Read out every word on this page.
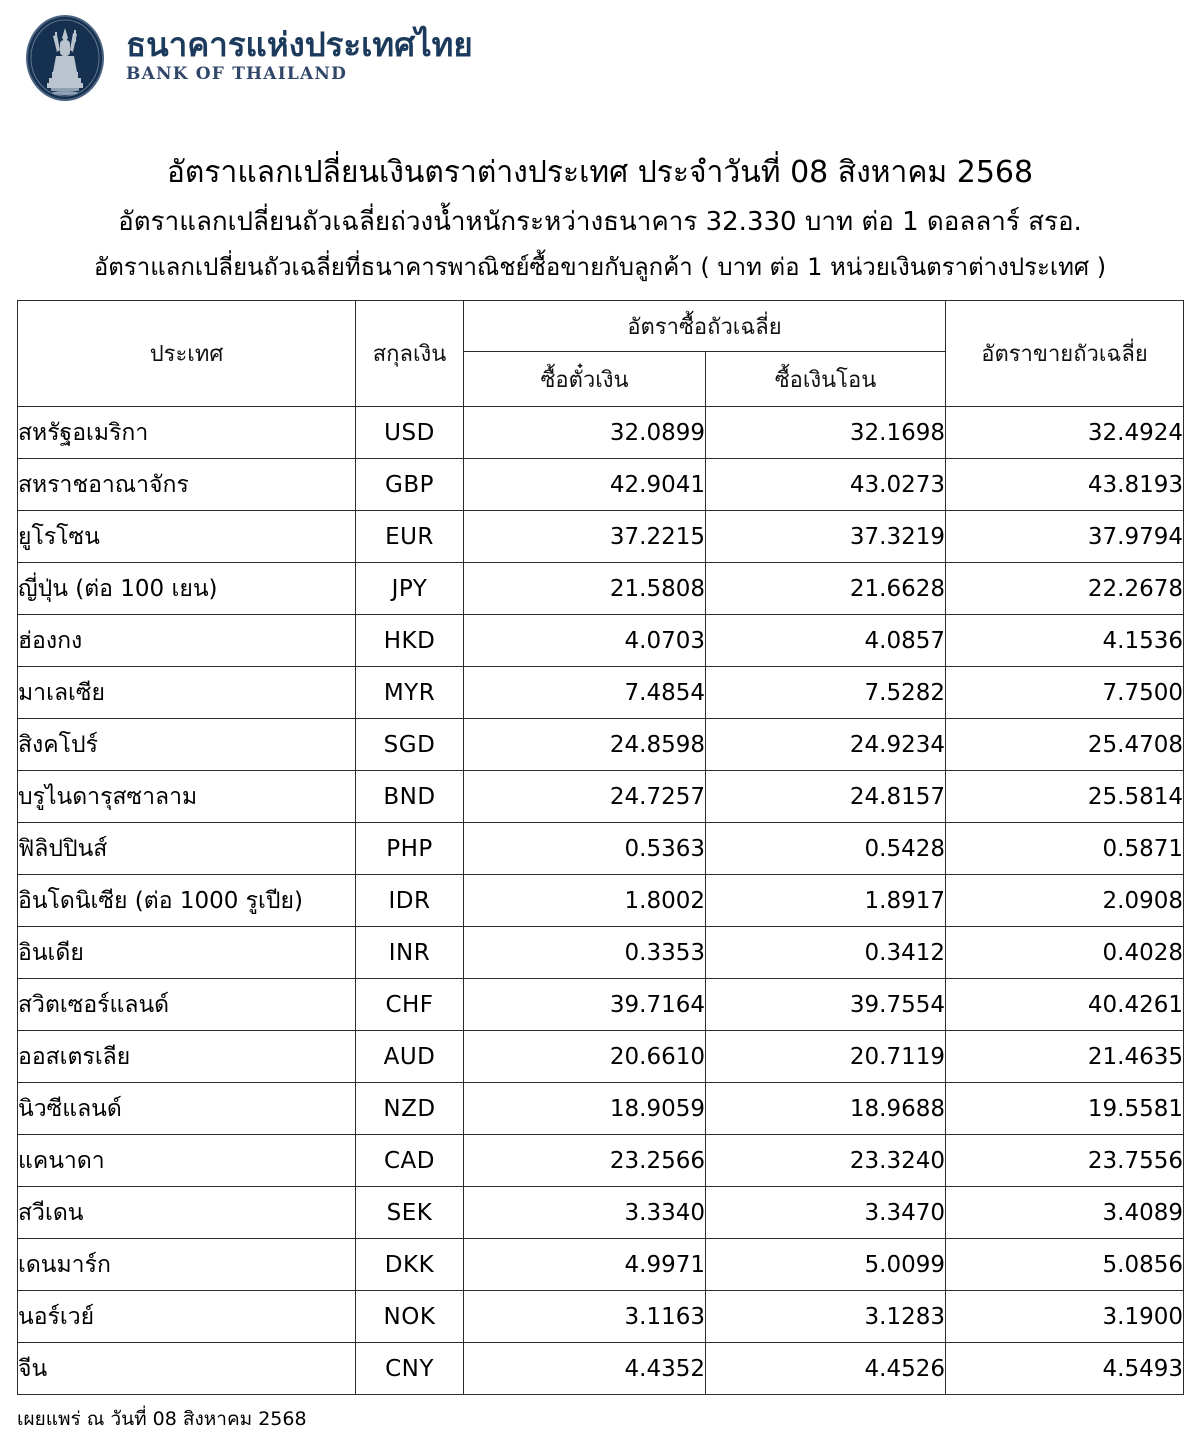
ธนาคารแห่งประเทศไทย
BANK OF THAILAND
อัตราแลกเปลี่ยนเงินตราต่างประเทศ ประจำวันที่ 08 สิงหาคม 2568
อัตราแลกเปลี่ยนถัวเฉลี่ยถ่วงน้ำหนักระหว่างธนาคาร 32.330 บาท ต่อ 1 ดอลลาร์ สรอ.
อัตราแลกเปลี่ยนถัวเฉลี่ยที่ธนาคารพาณิชย์ซื้อขายกับลูกค้า ( บาท ต่อ 1 หน่วยเงินตราต่างประเทศ )
ประเทศ	สกุลเงิน	อัตราซื้อถัวเฉลี่ย		อัตราขายถัวเฉลี่ย
		ซื้อตั๋วเงิน	ซื้อเงินโอน	
สหรัฐอเมริกา	USD	32.0899	32.1698	32.4924
สหราชอาณาจักร	GBP	42.9041	43.0273	43.8193
ยูโรโซน	EUR	37.2215	37.3219	37.9794
ญี่ปุ่น (ต่อ 100 เยน)	JPY	21.5808	21.6628	22.2678
ฮ่องกง	HKD	4.0703	4.0857	4.1536
มาเลเซีย	MYR	7.4854	7.5282	7.7500
สิงคโปร์	SGD	24.8598	24.9234	25.4708
บรูไนดารุสซาลาม	BND	24.7257	24.8157	25.5814
ฟิลิปปินส์	PHP	0.5363	0.5428	0.5871
อินโดนิเซีย (ต่อ 1000 รูเปีย)	IDR	1.8002	1.8917	2.0908
อินเดีย	INR	0.3353	0.3412	0.4028
สวิตเซอร์แลนด์	CHF	39.7164	39.7554	40.4261
ออสเตรเลีย	AUD	20.6610	20.7119	21.4635
นิวซีแลนด์	NZD	18.9059	18.9688	19.5581
แคนาดา	CAD	23.2566	23.3240	23.7556
สวีเดน	SEK	3.3340	3.3470	3.4089
เดนมาร์ก	DKK	4.9971	5.0099	5.0856
นอร์เวย์	NOK	3.1163	3.1283	3.1900
จีน	CNY	4.4352	4.4526	4.5493
เผยแพร่ ณ วันที่ 08 สิงหาคม 2568
